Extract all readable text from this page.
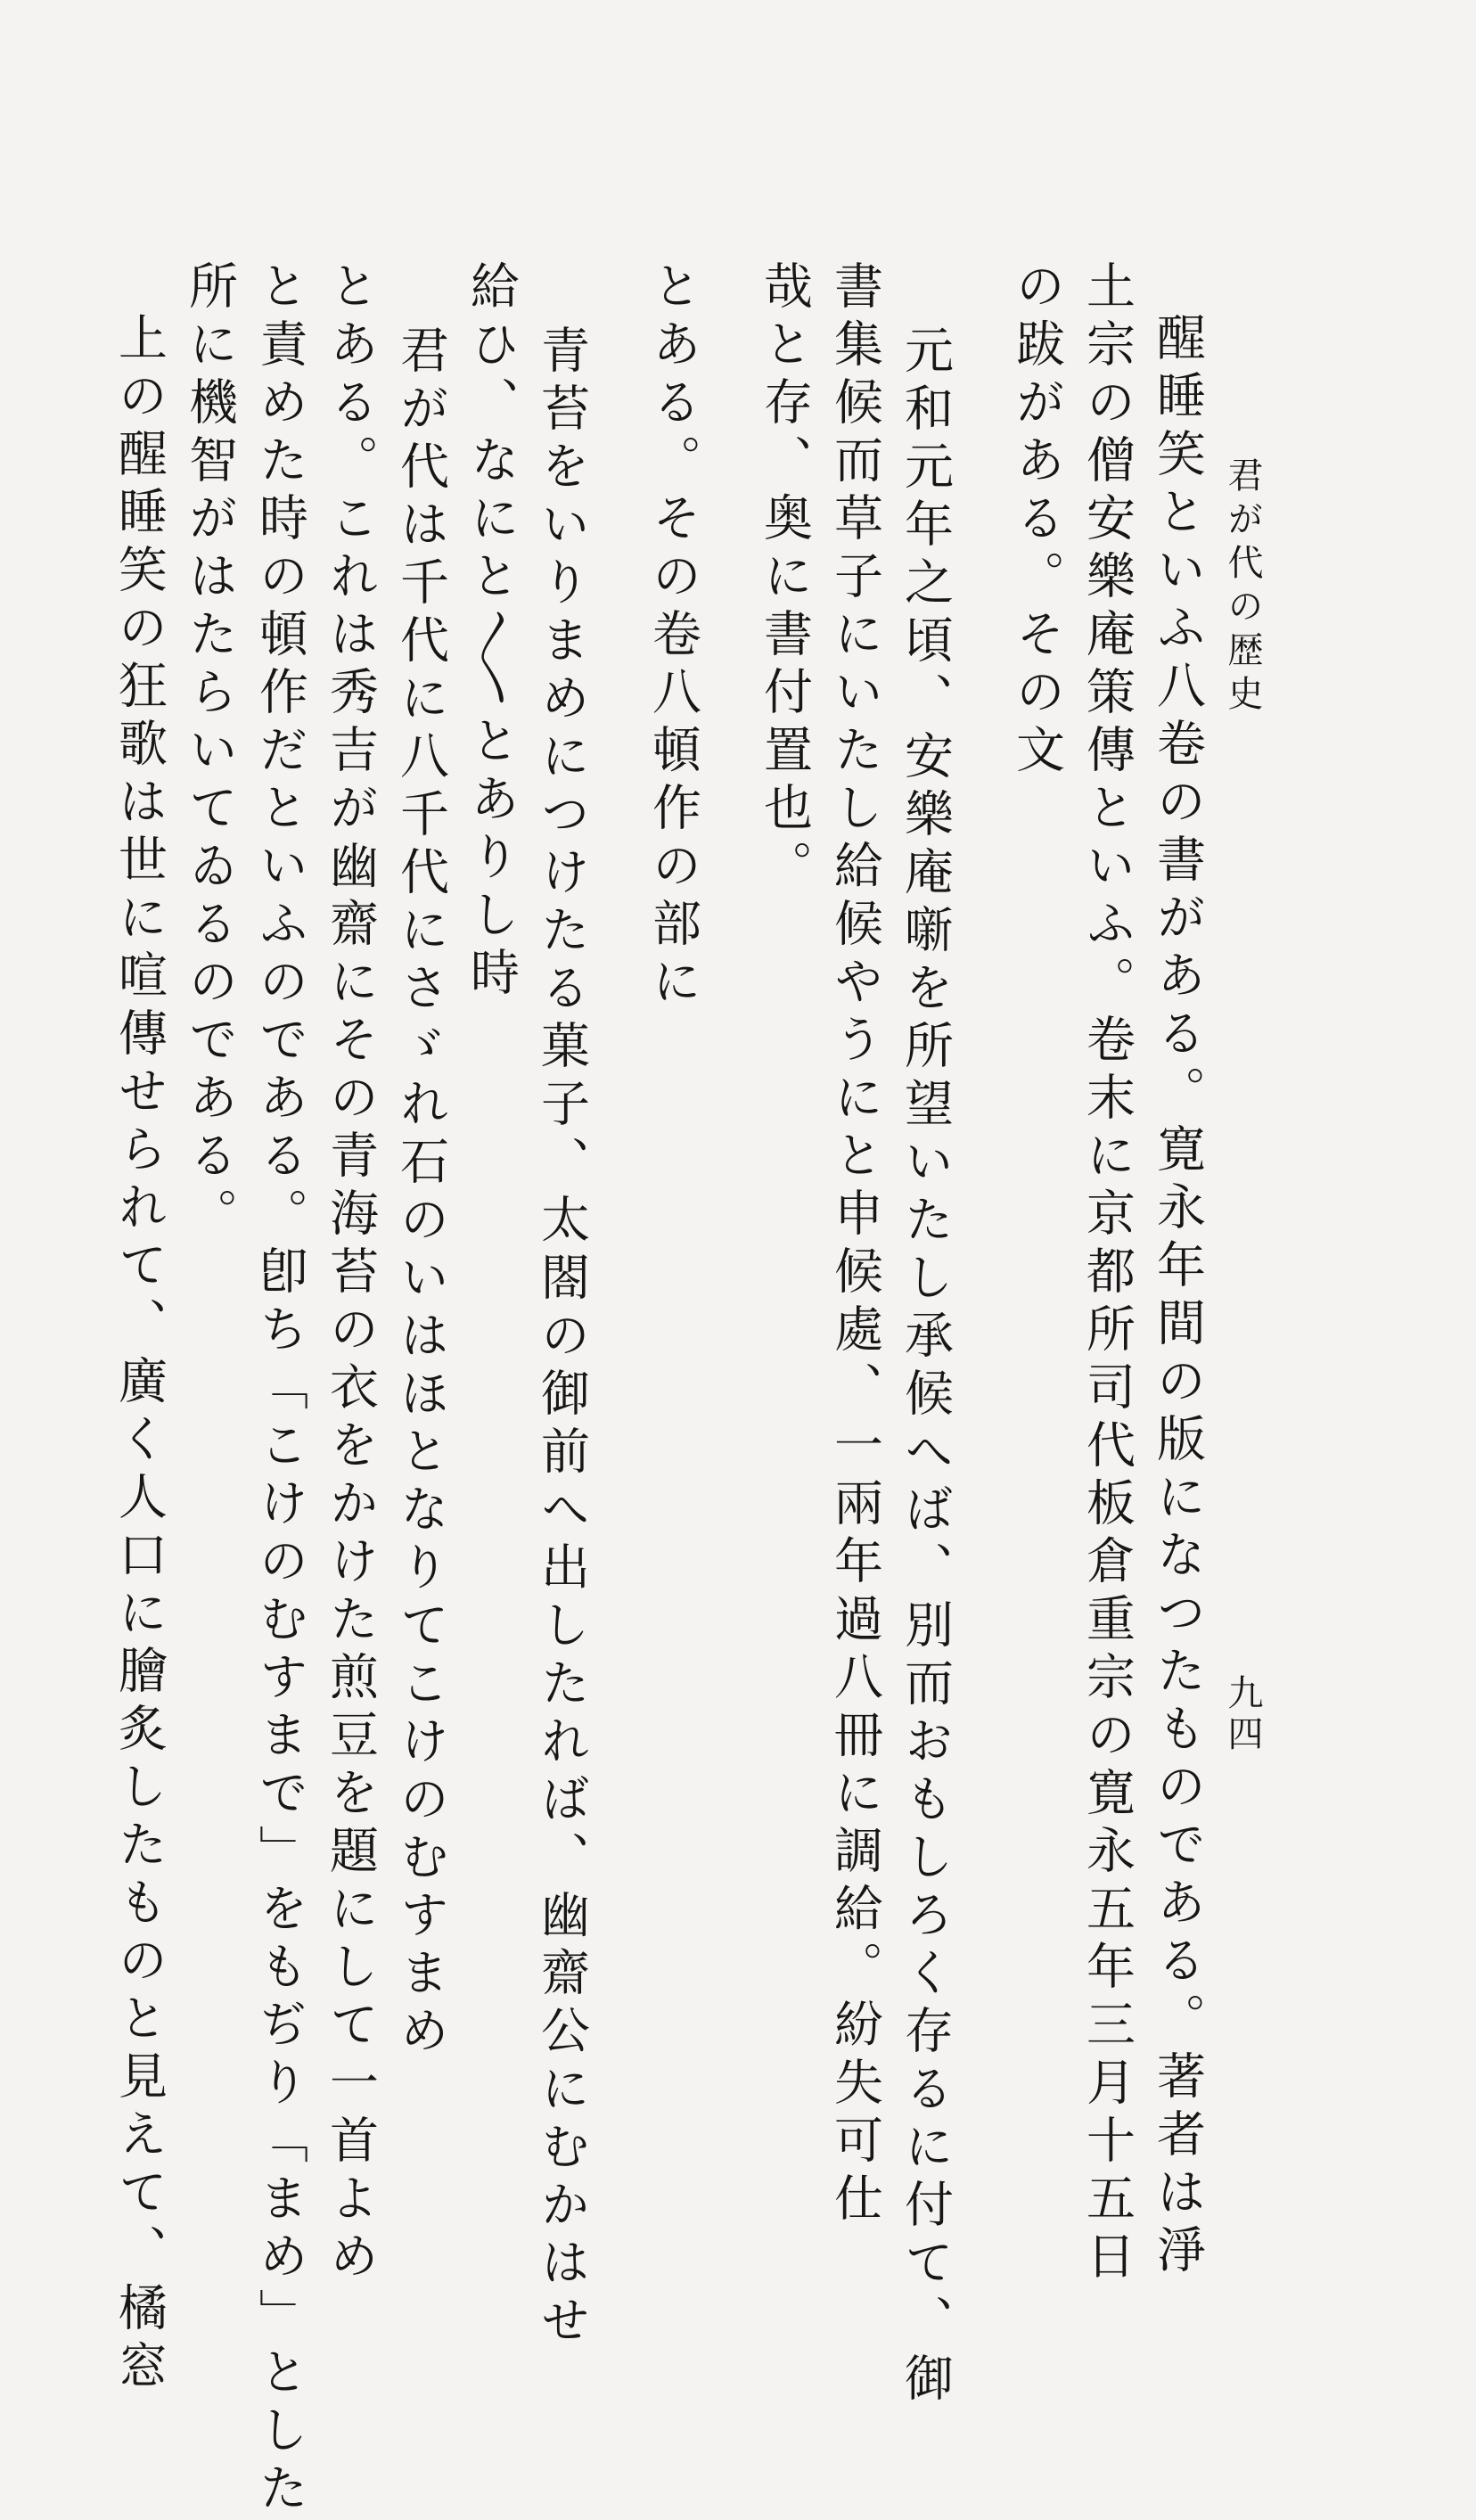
君が代の歴史
九四

醒睡笑といふ八卷の書がある。寛永年間の版になつたものである。著者は淨

土宗の僧安樂庵策傳といふ。卷末に京都所司代板倉重宗の寛永五年三月十五日

の跋がある。その文

元和元年之頃、安樂庵噺を所望いたし承候へば、別而おもしろく存るに付て、御

書集候而草子にいたし給候やうにと申候處、一兩年過八冊に調給。紛失可仕

哉と存、奥に書付置也。

とある。その卷八頓作の部に

青苔をいりまめにつけたる菓子、太閤の御前へ出したれば、幽齋公にむかはせ

給ひ、なにと〳〵とありし時

君が代は千代に八千代にさゞれ石のいはほとなりてこけのむすまめ

とある。これは秀吉が幽齋にその青海苔の衣をかけた煎豆を題にして一首よめ

と責めた時の頓作だといふのである。卽ち「こけのむすまで」をもぢり「まめ」とした

所に機智がはたらいてゐるのである。

上の醒睡笑の狂歌は世に喧傳せられて、廣く人口に膾炙したものと見えて、橘窓
